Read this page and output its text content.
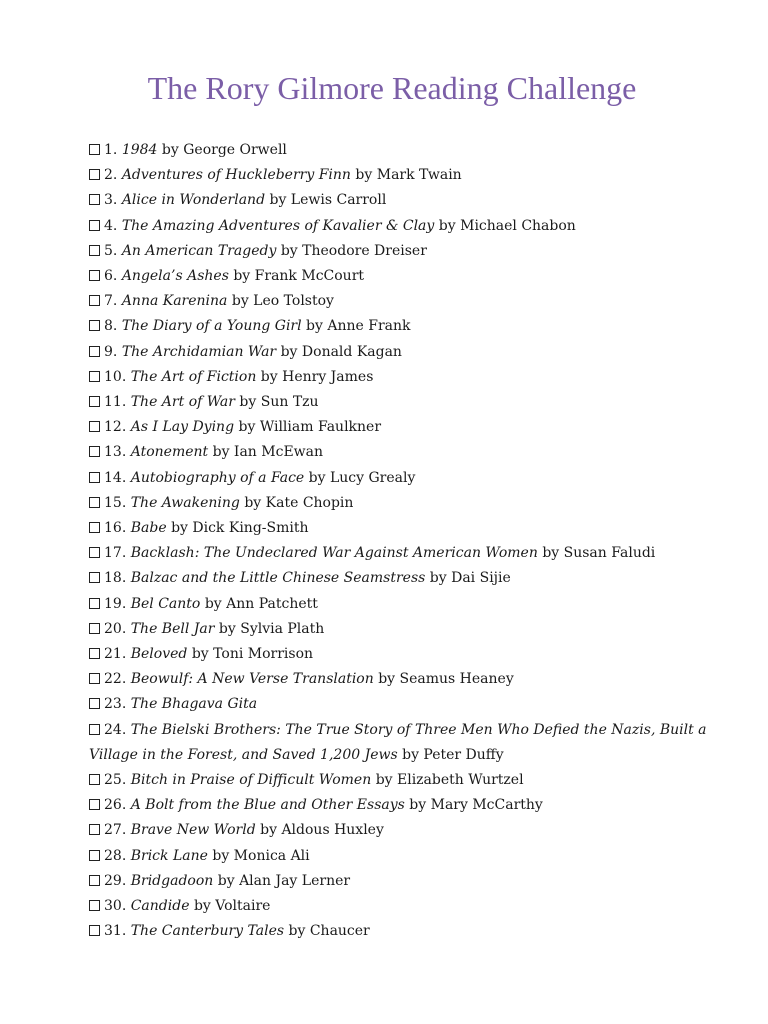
The Rory Gilmore Reading Challenge
1. 1984 by George Orwell
2. Adventures of Huckleberry Finn by Mark Twain
3. Alice in Wonderland by Lewis Carroll
4. The Amazing Adventures of Kavalier & Clay by Michael Chabon
5. An American Tragedy by Theodore Dreiser
6. Angela’s Ashes by Frank McCourt
7. Anna Karenina by Leo Tolstoy
8. The Diary of a Young Girl by Anne Frank
9. The Archidamian War by Donald Kagan
10. The Art of Fiction by Henry James
11. The Art of War by Sun Tzu
12. As I Lay Dying by William Faulkner
13. Atonement by Ian McEwan
14. Autobiography of a Face by Lucy Grealy
15. The Awakening by Kate Chopin
16. Babe by Dick King-Smith
17. Backlash: The Undeclared War Against American Women by Susan Faludi
18. Balzac and the Little Chinese Seamstress by Dai Sijie
19. Bel Canto by Ann Patchett
20. The Bell Jar by Sylvia Plath
21. Beloved by Toni Morrison
22. Beowulf: A New Verse Translation by Seamus Heaney
23. The Bhagava Gita
24. The Bielski Brothers: The True Story of Three Men Who Defied the Nazis, Built a Village in the Forest, and Saved 1,200 Jews by Peter Duffy
25. Bitch in Praise of Difficult Women by Elizabeth Wurtzel
26. A Bolt from the Blue and Other Essays by Mary McCarthy
27. Brave New World by Aldous Huxley
28. Brick Lane by Monica Ali
29. Bridgadoon by Alan Jay Lerner
30. Candide by Voltaire
31. The Canterbury Tales by Chaucer
